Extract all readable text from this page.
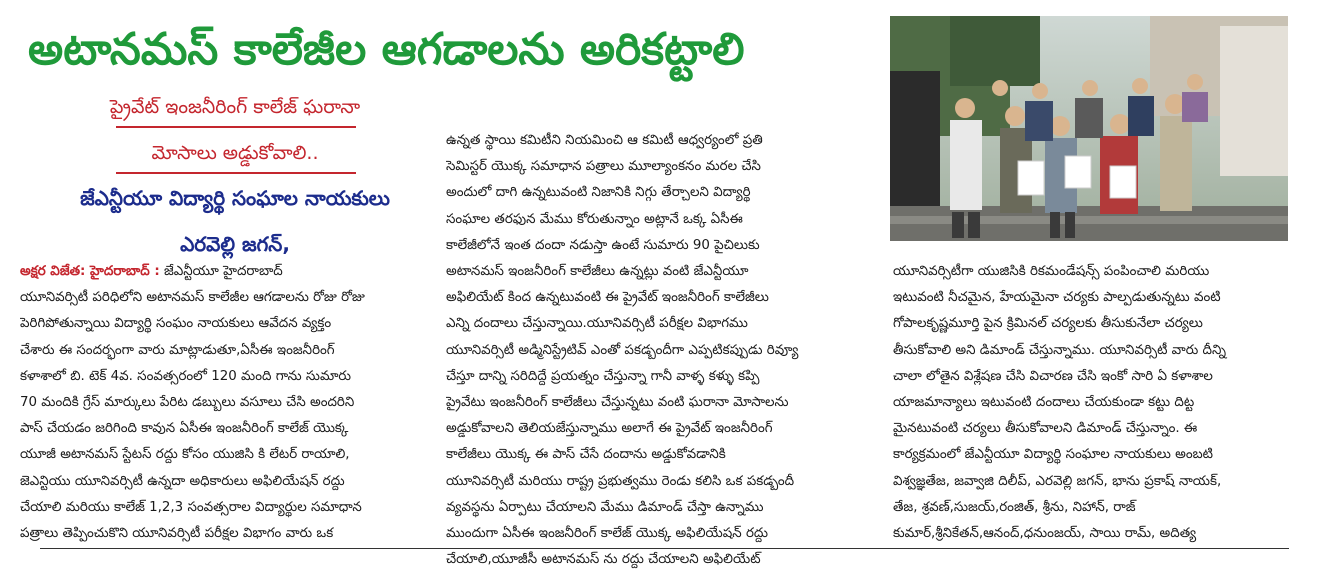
అటానమస్ కాలేజీల ఆగడాలను అరికట్టాలి
ప్రైవేట్ ఇంజనీరింగ్ కాలేజ్ ఘరానా
మోసాలు అడ్డుకోవాలి..
జేఎన్టీయూ విద్యార్థి సంఘాల నాయకులు
ఎరవెల్లి జగన్,

అక్షర విజేత: హైదరాబాద్ : జేఎన్టీయూ హైదరాబాద్

యూనివర్సిటీ పరిధిలోని అటానమస్ కాలేజీల ఆగడాలను రోజు రోజు

పెరిగిపోతున్నాయి విద్యార్థి సంఘం నాయకులు ఆవేదన వ్యక్తం

చేశారు ఈ సందర్భంగా వారు మాట్లాడుతూ,ఏసీఈ ఇంజనీరింగ్

కళాశాలో బి. టెక్ 4వ. సంవత్సరంలో 120 మంది గాను సుమారు

70 మందికి గ్రేస్ మార్కులు పేరిట డబ్బులు వసూలు చేసి అందరిని

పాస్ చేయడం జరిగింది కావున ఏసీఈ ఇంజనీరింగ్ కాలేజ్ యొక్క

యూజీ అటానమస్ స్టేటస్ రద్దు కోసం యుజిసి కి లేటర్ రాయాలి,

జెఎన్టియు యూనివర్సిటీ ఉన్నదా అధికారులు అఫిలియేషన్ రద్దు

చేయాలి మరియు కాలేజ్ 1,2,3 సంవత్సరాల విద్యార్థుల సమాధాన

పత్రాలు తెప్పించుకొని యూనివర్సిటీ పరీక్షల విభాగం వారు ఒక

ఉన్నత స్థాయి కమిటీని నియమించి ఆ కమిటీ ఆధ్వర్యంలో ప్రతి

సెమిస్టర్ యొక్క సమాధాన పత్రాలు మూల్యాంకనం మరల చేసి

అందులో దాగి ఉన్నటువంటి నిజానికి నిగ్గు తేర్చాలని విద్యార్థి

సంఘాల తరఫున మేము కోరుతున్నాం అట్లానే ఒక్క ఏసీఈ

కాలేజీలోనే ఇంత దందా నడుస్తా ఉంటే సుమారు 90 పైచిలుకు

అటానమస్ ఇంజనీరింగ్ కాలేజీలు ఉన్నట్లు వంటి జేఎన్టీయూ

అఫిలియేట్ కింద ఉన్నటువంటి ఈ ప్రైవేట్ ఇంజనీరింగ్ కాలేజీలు

ఎన్ని దందాలు చేస్తున్నాయి.యూనివర్సిటీ పరీక్షల విభాగము

యూనివర్సిటీ అడ్మినిస్ట్రేటివ్ ఎంతో పకడ్బందీగా ఎప్పటికప్పుడు రివ్యూ

చేస్తూ దాన్ని సరిదిద్దే ప్రయత్నం చేస్తున్నా గానీ వాళ్ళ కళ్ళు కప్పి

ప్రైవేటు ఇంజనీరింగ్ కాలేజీలు చేస్తున్నటు వంటి ఘరానా మోసాలను

అడ్డుకోవాలని తెలియజేస్తున్నాము అలాగే ఈ ప్రైవేట్ ఇంజనీరింగ్

కాలేజీలు యొక్క ఈ పాస్ చేసే దందాను అడ్డుకోవడానికి

యూనివర్సిటీ మరియు రాష్ట్ర ప్రభుత్వము రెండు కలిసి ఒక పకడ్బందీ

వ్యవస్థను ఏర్పాటు చేయాలని మేము డిమాండ్ చేస్తా ఉన్నాము

ముందుగా ఏసీఈ ఇంజనీరింగ్ కాలేజ్ యొక్క అఫిలియేషన్ రద్దు

చేయాలి,యూజీసీ అటానమస్ ను రద్దు చేయాలని అఫిలియేట్

యూనివర్సిటీగా యుజిసికి రికమండేషన్స్ పంపించాలి మరియు

ఇటువంటి నీచమైన, హేయమైనా చర్యకు పాల్పడుతున్నటు వంటి

గోపాలకృష్ణమూర్తి పైన క్రిమినల్ చర్యలకు తీసుకునేలా చర్యలు

తీసుకోవాలి అని డిమాండ్ చేస్తున్నాము. యూనివర్సిటీ వారు దీన్ని

చాలా లోతైన విశ్లేషణ చేసి విచారణ చేసి ఇంకో సారి ఏ కళాశాల

యాజమాన్యాలు ఇటువంటి దందాలు చేయకుండా కట్టు దిట్ట

మైనటువంటి చర్యలు తీసుకోవాలని డిమాండ్ చేస్తున్నాం. ఈ

కార్యక్రమంలో జేఎన్టీయూ విద్యార్థి సంఘాల నాయకులు అంబటి

విశ్వజ్ఞతేజ, జవ్వాజి దిలీప్, ఎరవెల్లి జగన్, భాను ప్రకాష్ నాయక్,

తేజ, శ్రవణ్,సుజయ్,రంజిత్, శ్రీను, నిహాన్, రాజ్

కుమార్,శ్రీనికేతన్,ఆనంద్,ధనుంజయ్, సాయి రామ్, అదిత్య
